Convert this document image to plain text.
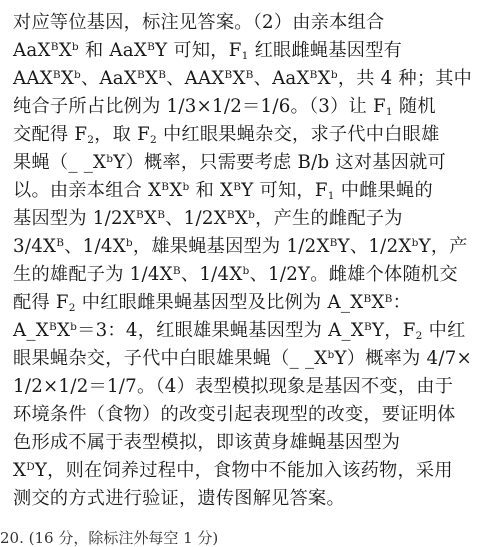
对应等位基因，标注见答案。（2）由亲本组合
$AaX^BX^b$ 和 AaX$^B$Y 可知，$F_1$ 红眼雌蝇基因型有
$AAX^BX^b$、$AaX^BX^B$、$AAX^BX^B$、$AaX^BX^b$，共 4 种；其中
纯合子所占比例为 1/3×1/2＝1/6。（3）让 $F_1$ 随机
交配得 $F_2$，取 $F_2$ 中红眼果蝇杂交，求子代中白眼雄
果蝇（_ $\_X^bY$）概率，只需要考虑 B/b 这对基因就可
以。由亲本组合 $X^BX^b$ 和 $X^BY$ 可知，$F_1$ 中雌果蝇的
基因型为 $1/2X^BX^B$、$1/2X^BX^b$，产生的雌配子为
$3/4X^B$、$1/4X^b$，雄果蝇基因型为 $1/2X^BY$、$1/2X^bY$，产
生的雄配子为 $1/4X^B$、$1/4X^b$、1/2Y。雌雄个体随机交
配得 $F_2$ 中红眼雌果蝇基因型及比例为 $A\_X^BX^B$：
$A\_X^BX^b=3$：4，红眼雄果蝇基因型为 $A\_X^BY$，$F_2$ 中红
眼果蝇杂交，子代中白眼雄果蝇（_ $\_X^bY$）概率为 4/7×
1/2×1/2＝1/7。（4）表型模拟现象是基因不变，由于
环境条件（食物）的改变引起表现型的改变，要证明体
色形成不属于表型模拟，即该黄身雄蝇基因型为
$X^DY$，则在饲养过程中，食物中不能加入该药物，采用
测交的方式进行验证，遗传图解见答案。
20. (16 分，除标注外每空 1 分)
